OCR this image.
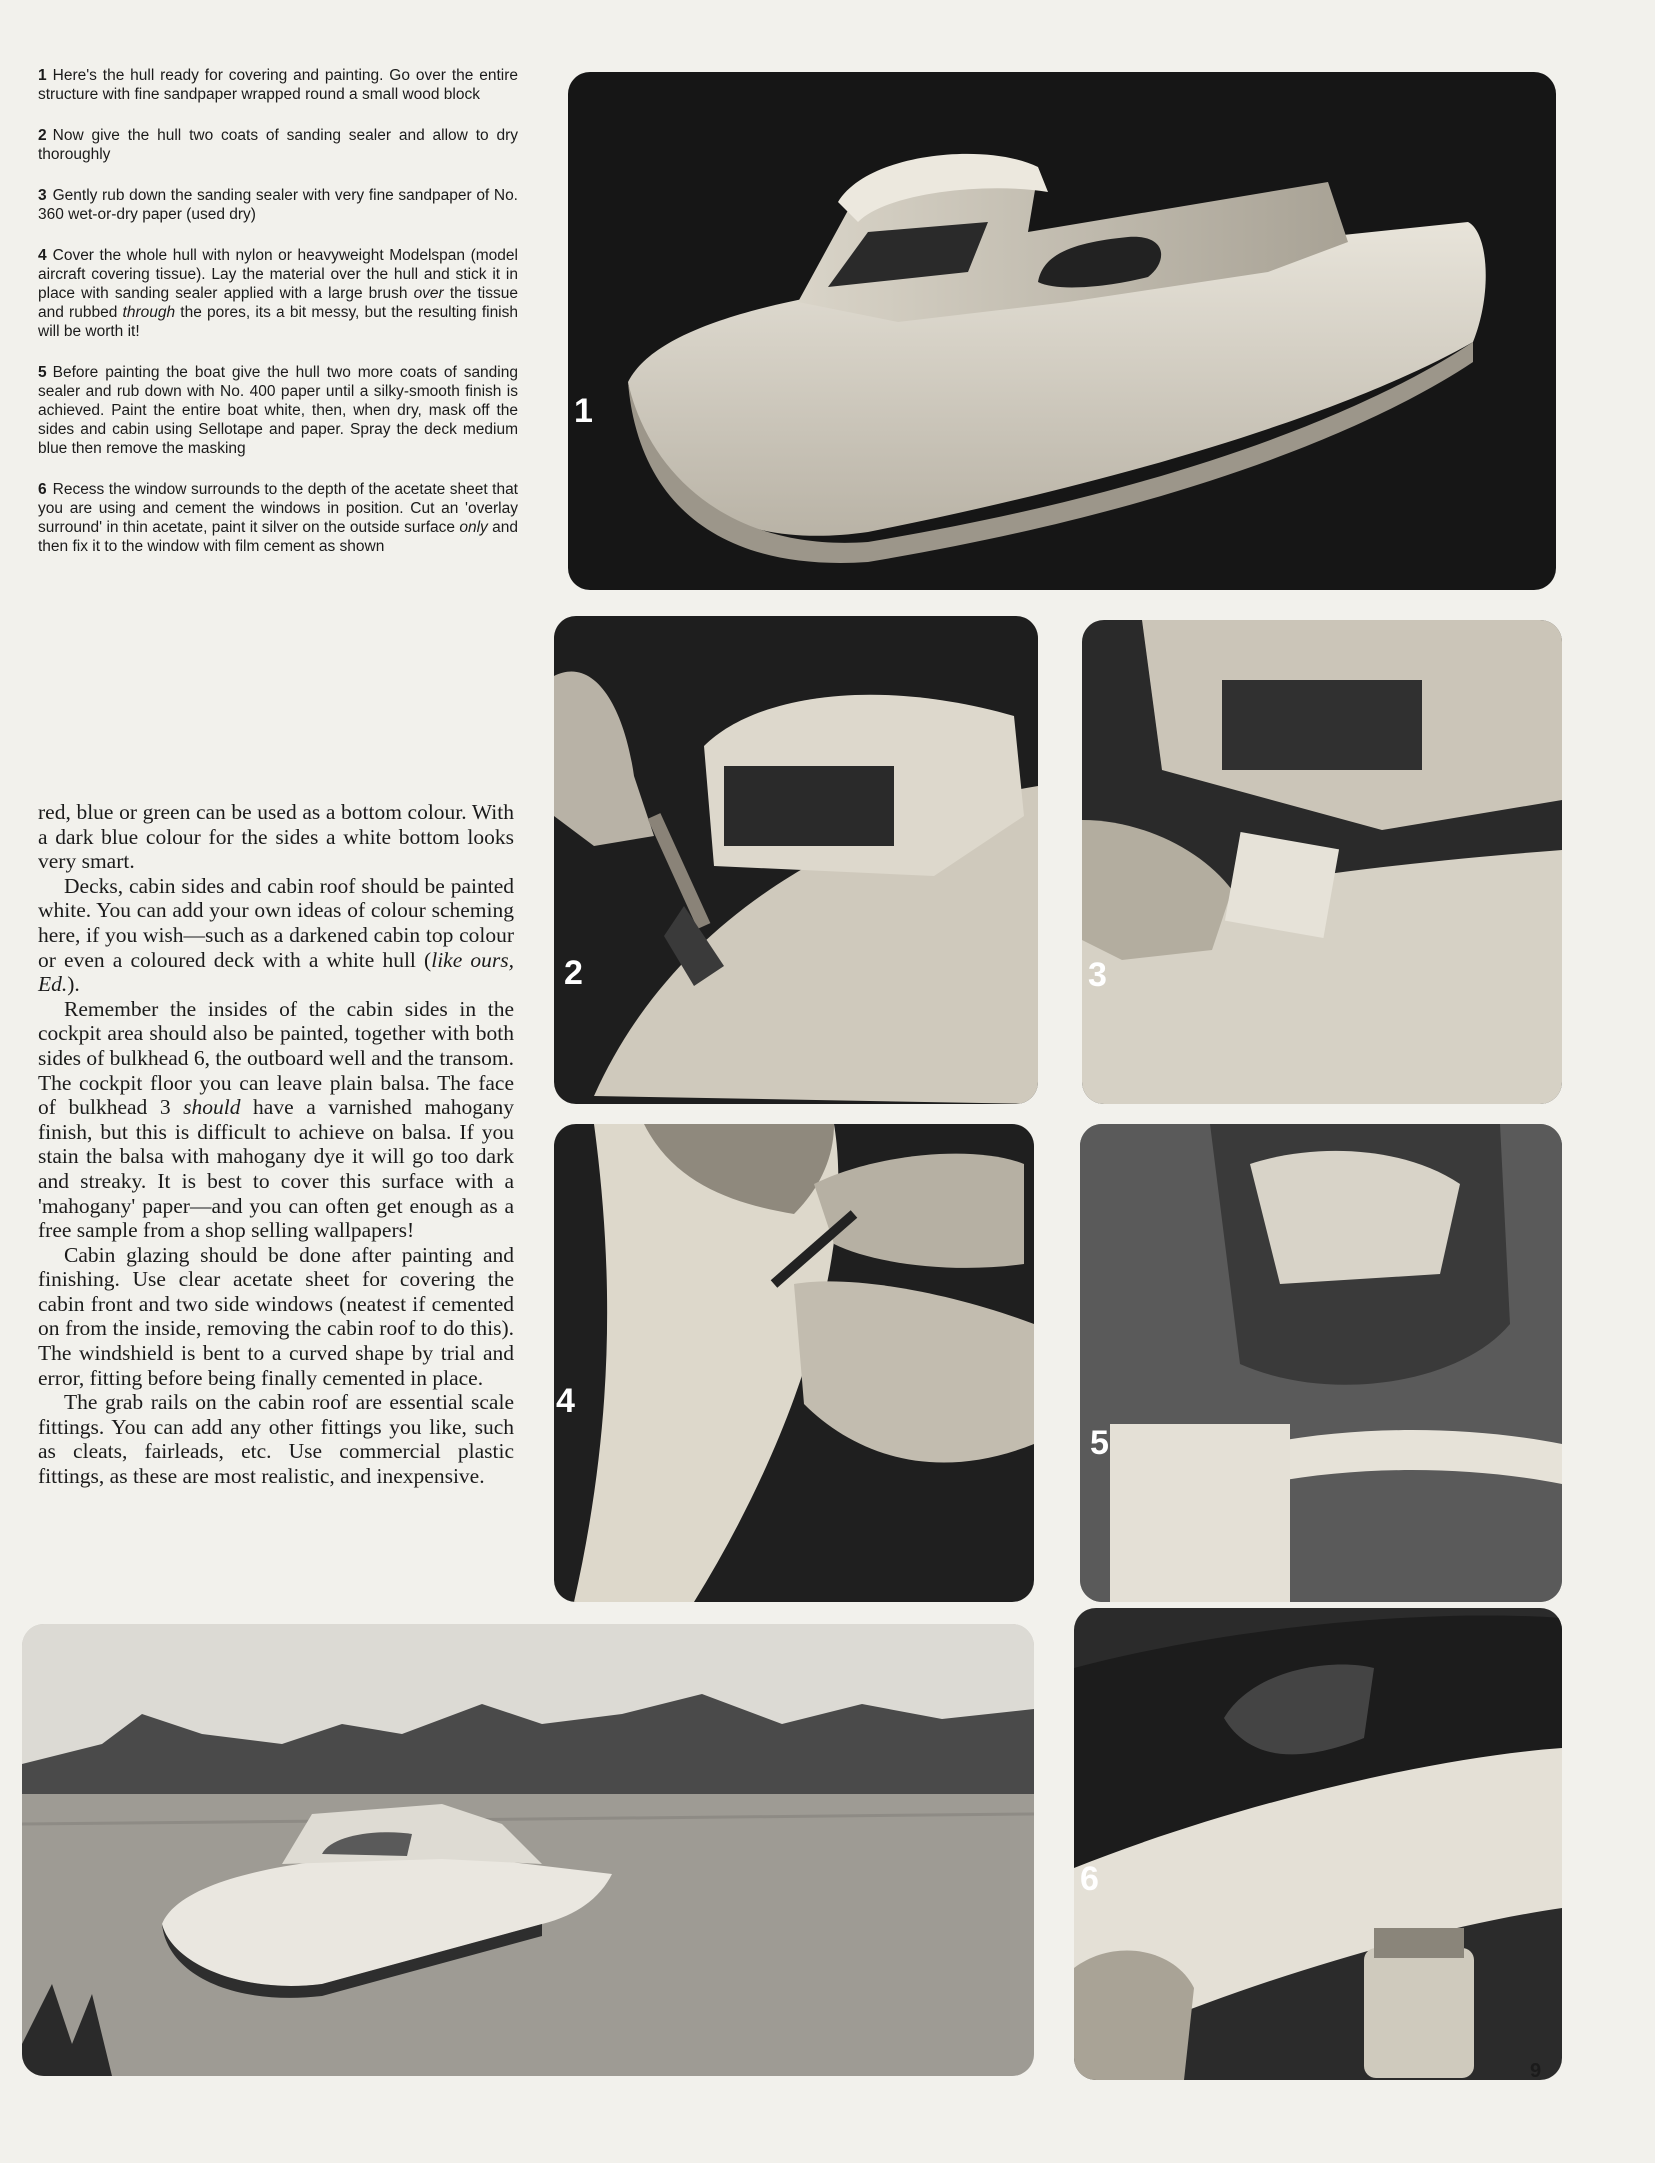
1 Here's the hull ready for covering and painting. Go over the entire structure with fine sandpaper wrapped round a small wood block

2 Now give the hull two coats of sanding sealer and allow to dry thoroughly

3 Gently rub down the sanding sealer with very fine sandpaper of No. 360 wet-or-dry paper (used dry)

4 Cover the whole hull with nylon or heavyweight Modelspan (model aircraft covering tissue). Lay the material over the hull and stick it in place with sanding sealer applied with a large brush over the tissue and rubbed through the pores, its a bit messy, but the resulting finish will be worth it!

5 Before painting the boat give the hull two more coats of sanding sealer and rub down with No. 400 paper until a silky-smooth finish is achieved. Paint the entire boat white, then, when dry, mask off the sides and cabin using Sellotape and paper. Spray the deck medium blue then remove the masking

6 Recess the window surrounds to the depth of the acetate sheet that you are using and cement the windows in position. Cut an 'overlay surround' in thin acetate, paint it silver on the outside surface only and then fix it to the window with film cement as shown

red, blue or green can be used as a bottom colour. With a dark blue colour for the sides a white bottom looks very smart.

Decks, cabin sides and cabin roof should be painted white. You can add your own ideas of colour scheming here, if you wish—such as a darkened cabin top colour or even a coloured deck with a white hull (like ours, Ed.).

Remember the insides of the cabin sides in the cockpit area should also be painted, together with both sides of bulkhead 6, the outboard well and the transom. The cockpit floor you can leave plain balsa. The face of bulkhead 3 should have a varnished mahogany finish, but this is difficult to achieve on balsa. If you stain the balsa with mahogany dye it will go too dark and streaky. It is best to cover this surface with a 'mahogany' paper—and you can often get enough as a free sample from a shop selling wallpapers!

Cabin glazing should be done after painting and finishing. Use clear acetate sheet for covering the cabin front and two side windows (neatest if cemented on from the inside, removing the cabin roof to do this). The windshield is bent to a curved shape by trial and error, fitting before being finally cemented in place.

The grab rails on the cabin roof are essential scale fittings. You can add any other fittings you like, such as cleats, fairleads, etc. Use commercial plastic fittings, as these are most realistic, and inexpensive.

1
2	3
4
5
6
9
